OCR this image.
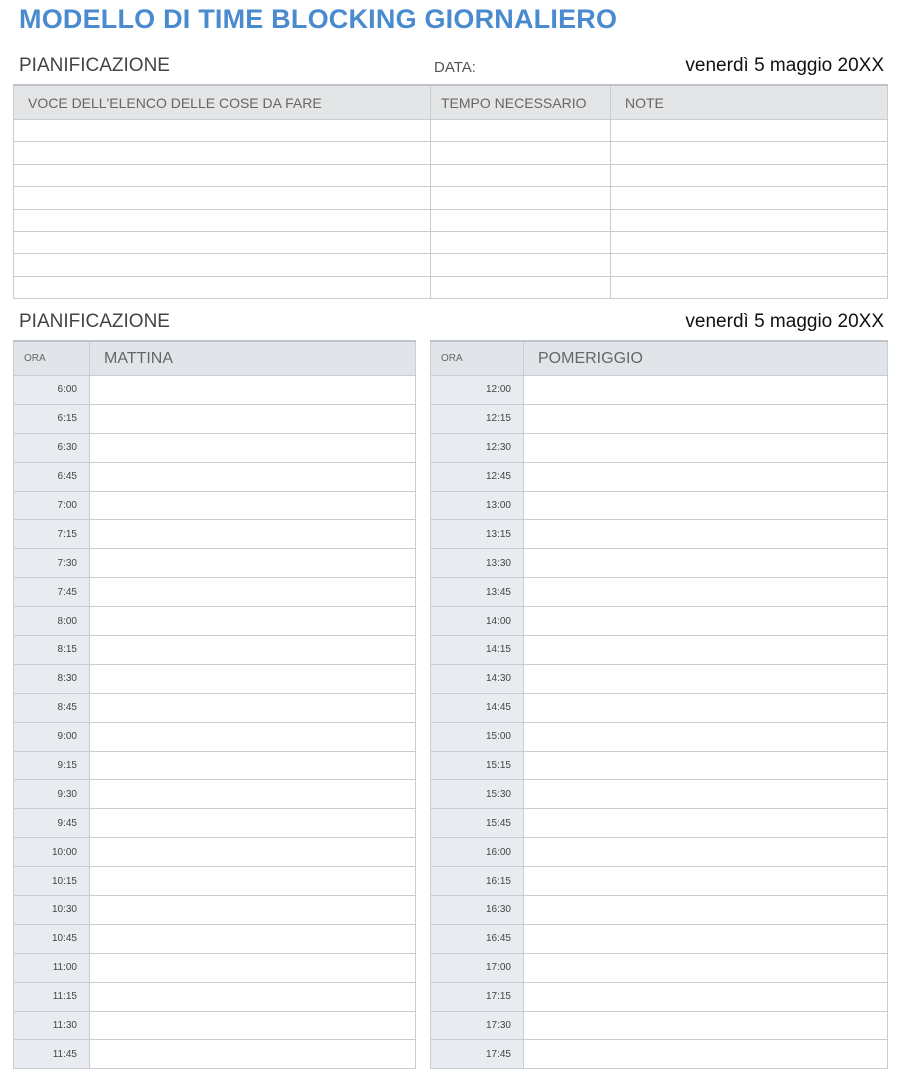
MODELLO DI TIME BLOCKING GIORNALIERO
PIANIFICAZIONE	DATA:	venerdì 5 maggio 20XX
VOCE DELL'ELENCO DELLE COSE DA FARE	TEMPO NECESSARIO	NOTE

PIANIFICAZIONE	venerdì 5 maggio 20XX
ORA	MATTINA
6:00	
6:15	
6:30	
6:45	
7:00	
7:15	
7:30	
7:45	
8:00	
8:15	
8:30	
8:45	
9:00	
9:15	
9:30	
9:45	
10:00	
10:15	
10:30	
10:45	
11:00	
11:15	
11:30	
11:45	
ORA	POMERIGGIO
12:00	
12:15	
12:30	
12:45	
13:00	
13:15	
13:30	
13:45	
14:00	
14:15	
14:30	
14:45	
15:00	
15:15	
15:30	
15:45	
16:00	
16:15	
16:30	
16:45	
17:00	
17:15	
17:30	
17:45	
